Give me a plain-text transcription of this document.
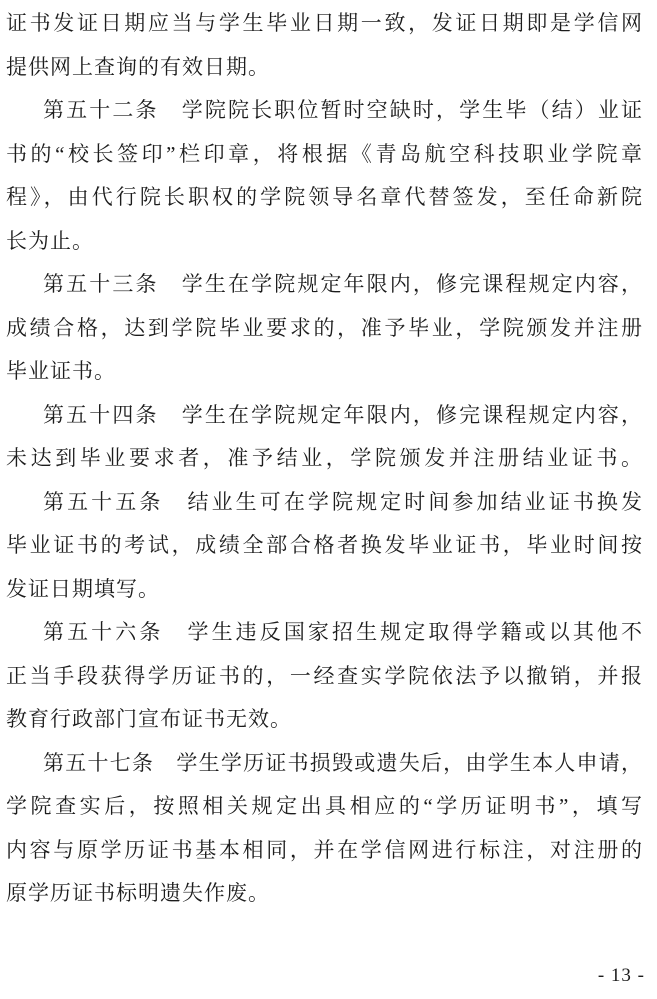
证书发证日期应当与学生毕业日期一致，发证日期即是学信网
提供网上查询的有效日期。
第五十二条　学院院长职位暂时空缺时，学生毕（结）业证
书的“校长签印”栏印章，将根据《青岛航空科技职业学院章
程》，由代行院长职权的学院领导名章代替签发，至任命新院
长为止。
第五十三条　学生在学院规定年限内，修完课程规定内容，
成绩合格，达到学院毕业要求的，准予毕业，学院颁发并注册
毕业证书。
第五十四条　学生在学院规定年限内，修完课程规定内容，
未达到毕业要求者，准予结业，学院颁发并注册结业证书。
第五十五条　结业生可在学院规定时间参加结业证书换发
毕业证书的考试，成绩全部合格者换发毕业证书，毕业时间按
发证日期填写。
第五十六条　学生违反国家招生规定取得学籍或以其他不
正当手段获得学历证书的，一经查实学院依法予以撤销，并报
教育行政部门宣布证书无效。
第五十七条　学生学历证书损毁或遗失后，由学生本人申请，
学院查实后，按照相关规定出具相应的“学历证明书”，填写
内容与原学历证书基本相同，并在学信网进行标注，对注册的
原学历证书标明遗失作废。
- 13 -
